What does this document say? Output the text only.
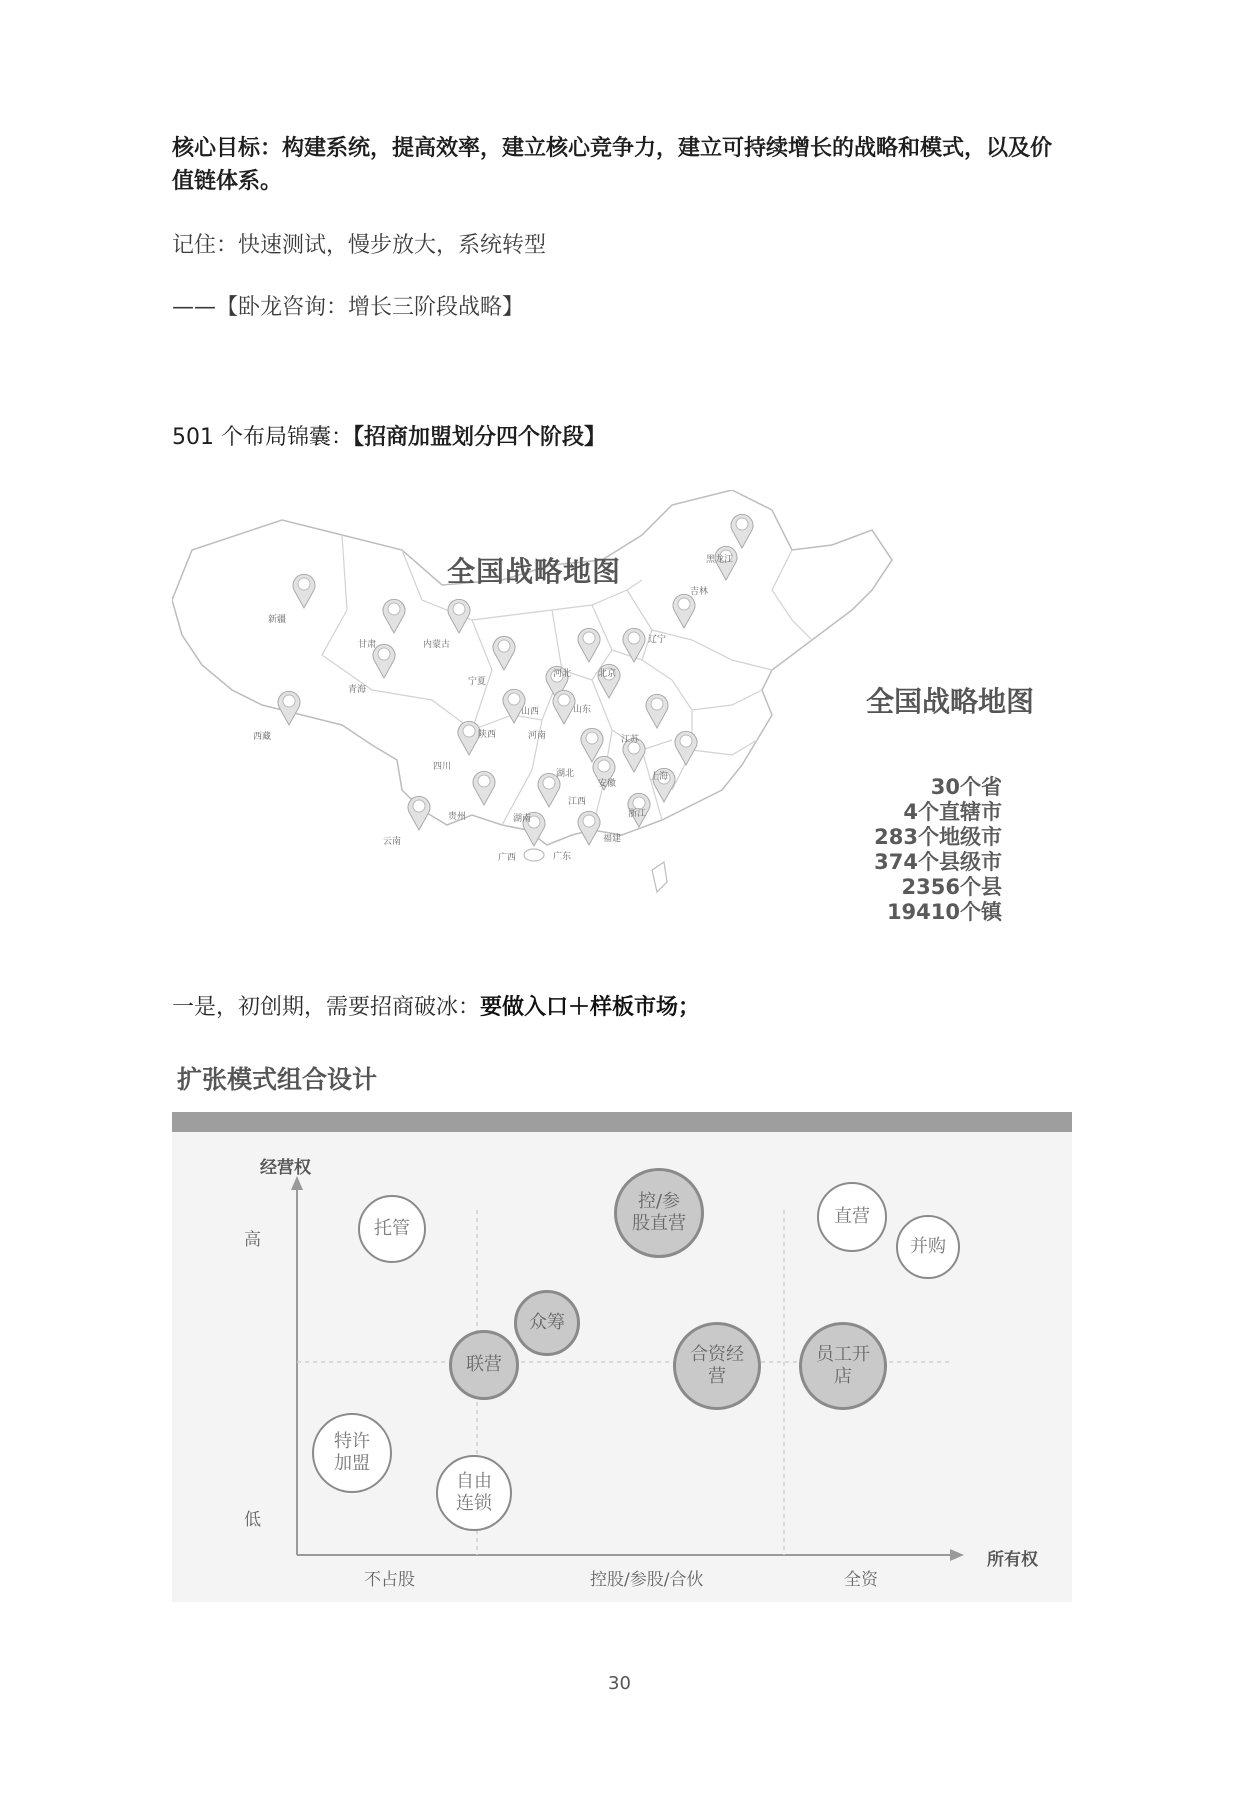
核心目标：构建系统，提高效率，建立核心竞争力，建立可持续增长的战略和模式，以及价值链体系。

记住：快速测试，慢步放大，系统转型

——【卧龙咨询：增长三阶段战略】

501 个布局锦囊：【招商加盟划分四个阶段】

全国战略地图
全国战略地图
30个省
4个直辖市
283个地级市
374个县级市
2356个县
19410个镇
黑龙江
吉林
辽宁
新疆
甘肃	内蒙古
北京
河北
宁夏
山西	山东
青海
陕西	河南	江苏
上海
西藏
四川
湖北
安徽
浙江
贵州	湖南
江西
福建
云南
广西	广东

一是，初创期，需要招商破冰：要做入口＋样板市场；

扩张模式组合设计
经营权
高
低
所有权
不占股	控股/参股/合伙	全资
托管
控/参股直营	直营
并购
众筹
联营	合资经营
员工开店
特许加盟
自由连锁
30
